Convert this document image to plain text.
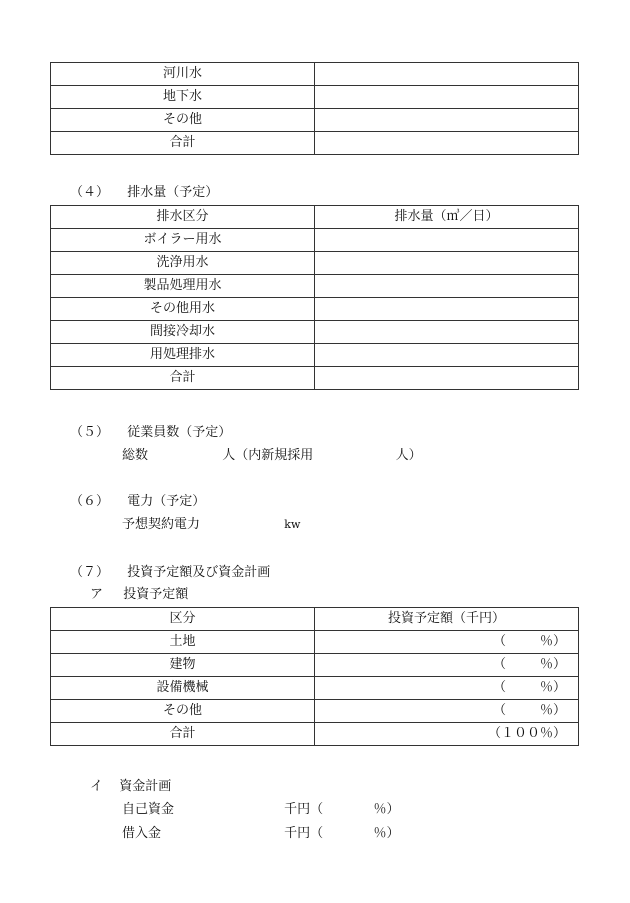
河川水	
地下水	
その他	
合計	
（４） 排水量（予定）
排水区分	排水量（㎥／日）
ボイラー用水	
洗浄用水	
製品処理用水	
その他用水	
間接冷却水	
用処理排水	
合計	
（５） 従業員数（予定）
総数	人（内新規採用	人）
（６） 電力（予定）
予想契約電力	kw
（７） 投資予定額及び資金計画
ア 投資予定額
区分	投資予定額（千円）
土地	（ ％）
建物	（ ％）
設備機械	（ ％）
その他	（ ％）
合計	（１００％）
イ 資金計画
自己資金	千円（	％）
借入金	千円（	％）
